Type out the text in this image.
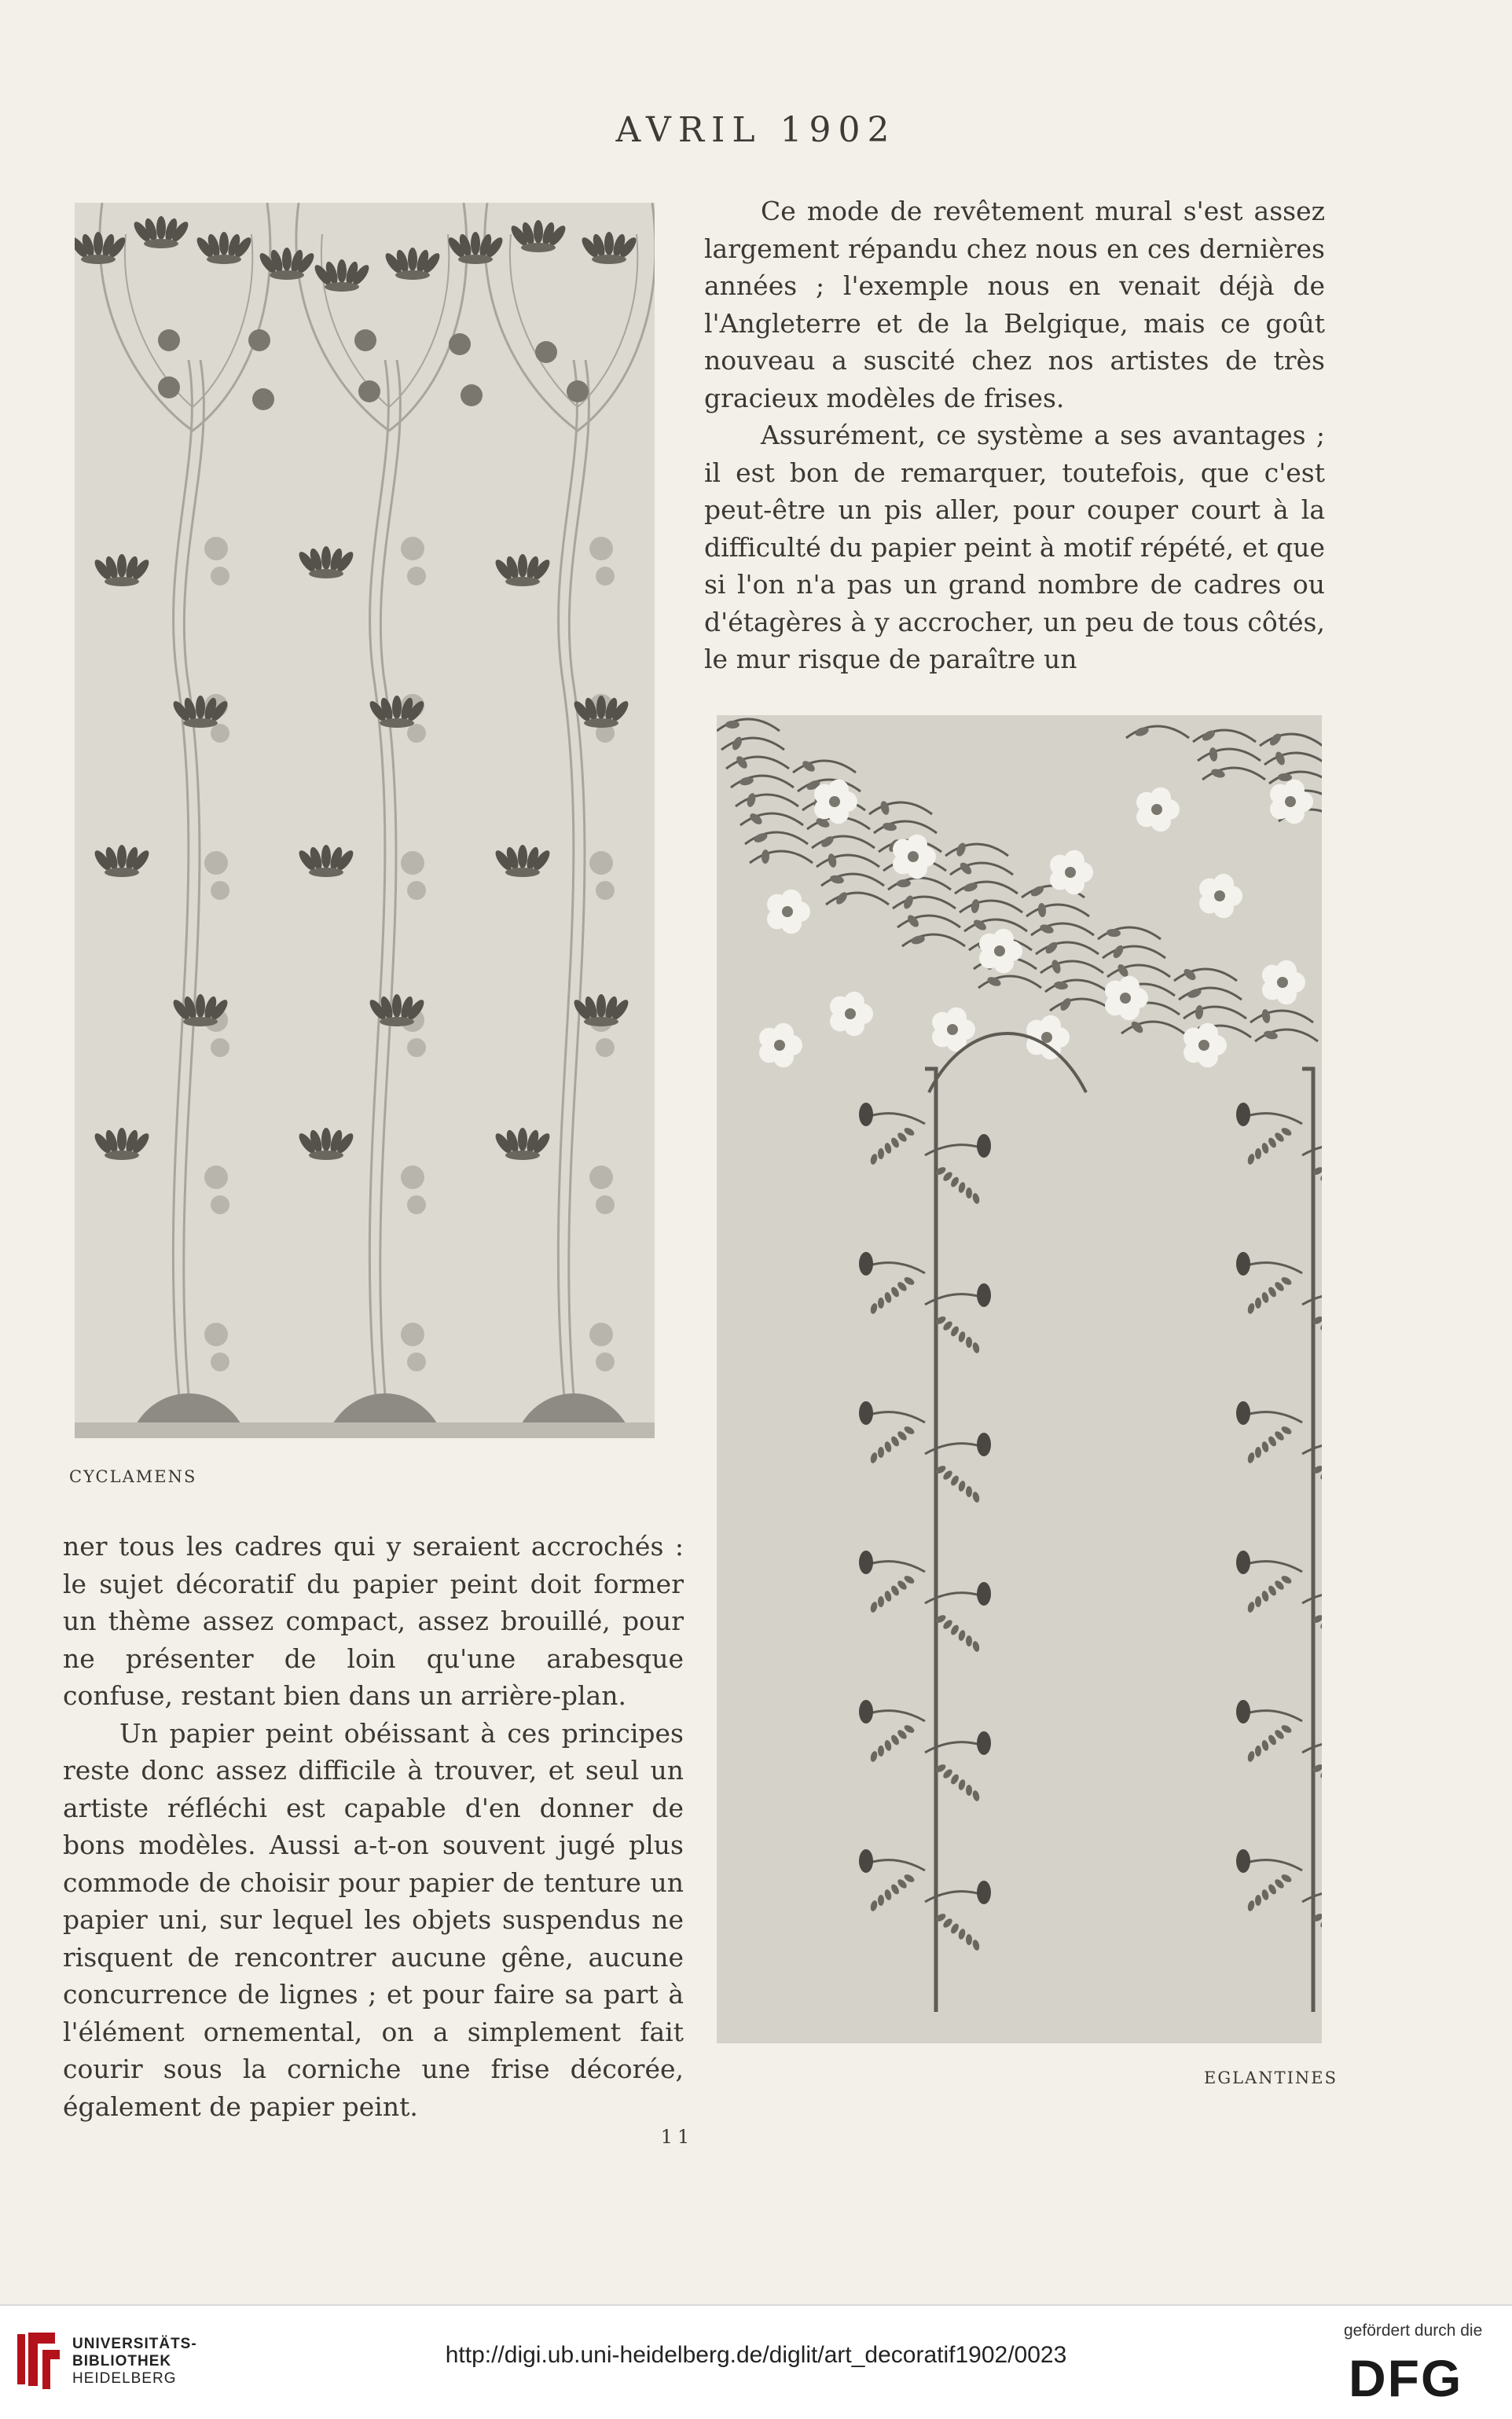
AVRIL 1902

Ce mode de revêtement mural s'est assez largement répandu chez nous en ces dernières années ; l'exemple nous en venait déjà de l'Angleterre et de la Belgique, mais ce goût nouveau a suscité chez nos artistes de très gracieux modèles de frises.

Assurément, ce système a ses avantages ; il est bon de remarquer, toutefois, que c'est peut-être un pis aller, pour couper court à la difficulté du papier peint à motif répété, et que si l'on n'a pas un grand nombre de cadres ou d'étagères à y accrocher, un peu de tous côtés, le mur risque de paraître un

CYCLAMENS
EGLANTINES

ner tous les cadres qui y seraient accrochés : le sujet décoratif du papier peint doit former un thème assez compact, assez brouillé, pour ne présenter de loin qu'une arabesque confuse, restant bien dans un arrière-plan.

Un papier peint obéissant à ces principes reste donc assez difficile à trouver, et seul un artiste réfléchi est capable d'en donner de bons modèles. Aussi a-t-on souvent jugé plus commode de choisir pour papier de tenture un papier uni, sur lequel les objets suspendus ne risquent de rencontrer aucune gêne, aucune concurrence de lignes ; et pour faire sa part à l'élément ornemental, on a simplement fait courir sous la corniche une frise décorée, également de papier peint.

11
UNIVERSITÄTS-
BIBLIOTHEK
HEIDELBERG
http://digi.ub.uni-heidelberg.de/diglit/art_decoratif1902/0023
gefördert durch die
DFG
